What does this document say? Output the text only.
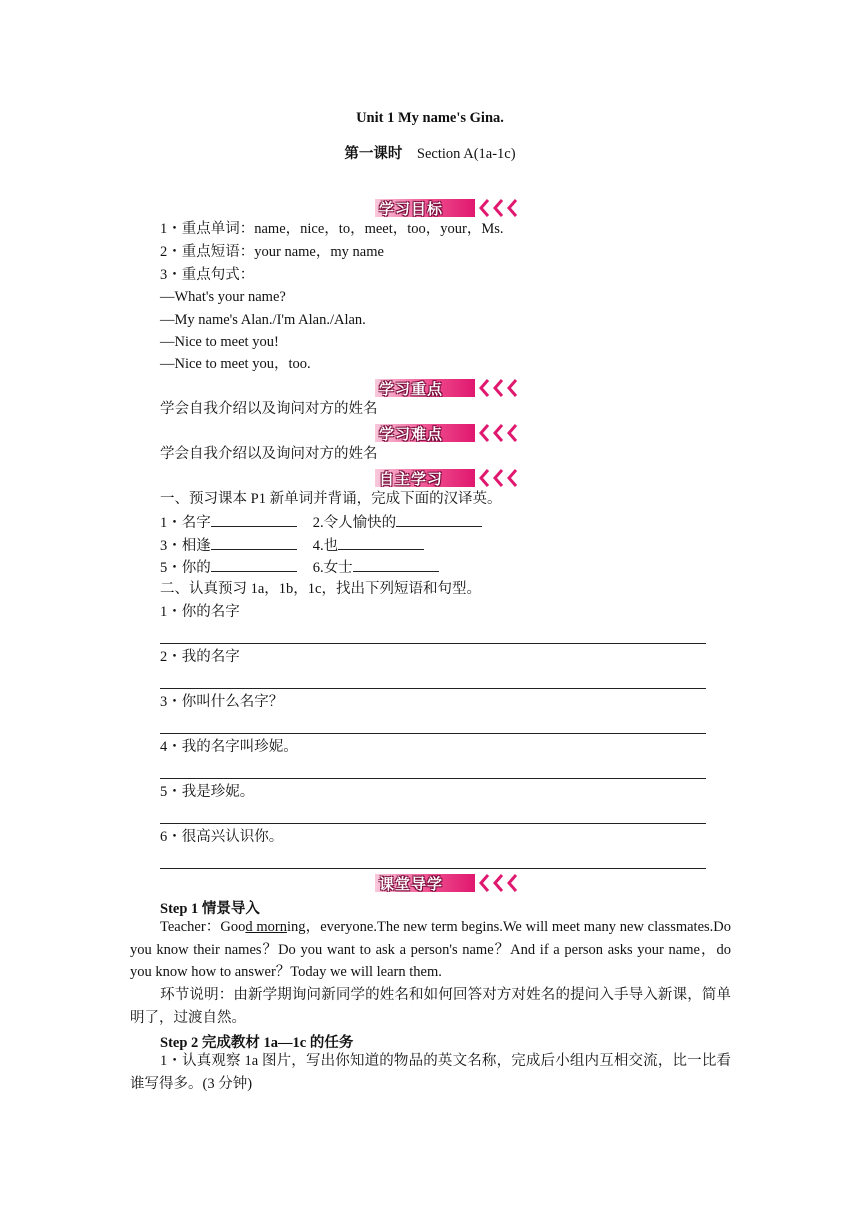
Unit 1 My name's Gina.
第一课时 Section A(1a-1c)
学习目标
1・重点单词：name，nice，to，meet，too，your，Ms.
2・重点短语：your name，my name
3・重点句式：
—What's your name?
—My name's Alan./I'm Alan./Alan.
—Nice to meet you!
—Nice to meet you，too.
学习重点
学会自我介绍以及询问对方的姓名
学习难点
学会自我介绍以及询问对方的姓名
自主学习
一、预习课本 P1 新单词并背诵，完成下面的汉译英。
1・名字	2.令人愉快的
3・相逢	4.也
5・你的	6.女士
二、认真预习 1a，1b，1c，找出下列短语和句型。
1・你的名字
2・我的名字
3・你叫什么名字？
4・我的名字叫珍妮。
5・我是珍妮。
6・很高兴认识你。
课堂导学
Step 1 情景导入
Teacher：Good morning，everyone.The new term begins.We will meet many new classmates.Do you know their names？Do you want to ask a person's name？And if a person asks your name，do you know how to answer？Today we will learn them.
环节说明：由新学期询问新同学的姓名和如何回答对方对姓名的提问入手导入新课，简单明了，过渡自然。
Step 2 完成教材 1a—1c 的任务
1・认真观察 1a 图片，写出你知道的物品的英文名称，完成后小组内互相交流，比一比看谁写得多。(3 分钟)
